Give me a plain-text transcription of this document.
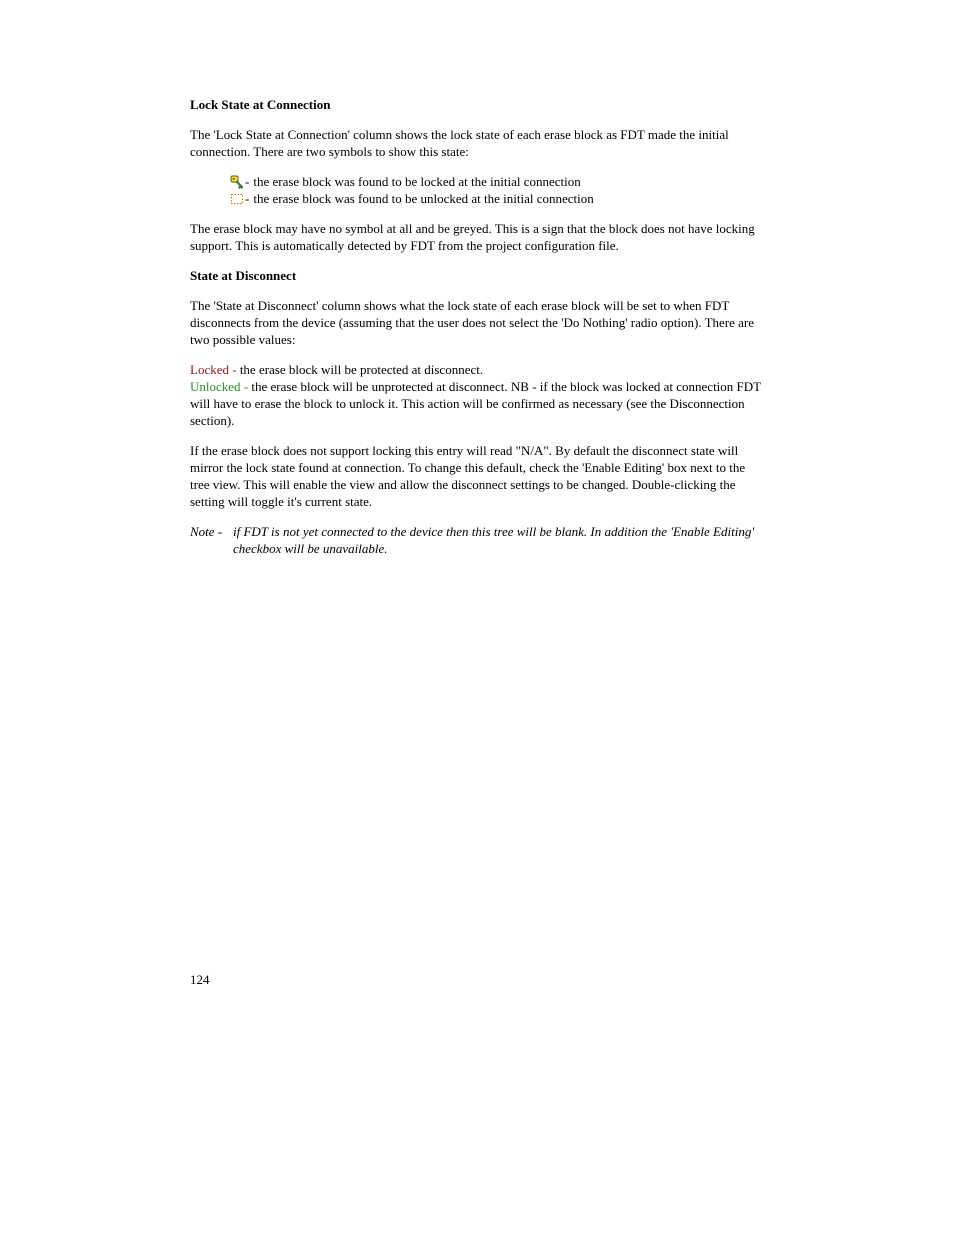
Lock State at Connection

The 'Lock State at Connection' column shows the lock state of each erase block as FDT made the initial connection. There are two symbols to show this state:

- the erase block was found to be locked at the initial connection
- the erase block was found to be unlocked at the initial connection

The erase block may have no symbol at all and be greyed. This is a sign that the block does not have locking support. This is automatically detected by FDT from the project configuration file.

State at Disconnect

The 'State at Disconnect' column shows what the lock state of each erase block will be set to when FDT disconnects from the device (assuming that the user does not select the 'Do Nothing' radio option). There are two possible values:

Locked - the erase block will be protected at disconnect.
Unlocked - the erase block will be unprotected at disconnect. NB - if the block was locked at connection FDT will have to erase the block to unlock it. This action will be confirmed as necessary (see the Disconnection section).

If the erase block does not support locking this entry will read "N/A". By default the disconnect state will mirror the lock state found at connection. To change this default, check the 'Enable Editing' box next to the tree view. This will enable the view and allow the disconnect settings to be changed. Double-clicking the setting will toggle it's current state.

Note - if FDT is not yet connected to the device then this tree will be blank. In addition the 'Enable Editing' checkbox will be unavailable.
124
